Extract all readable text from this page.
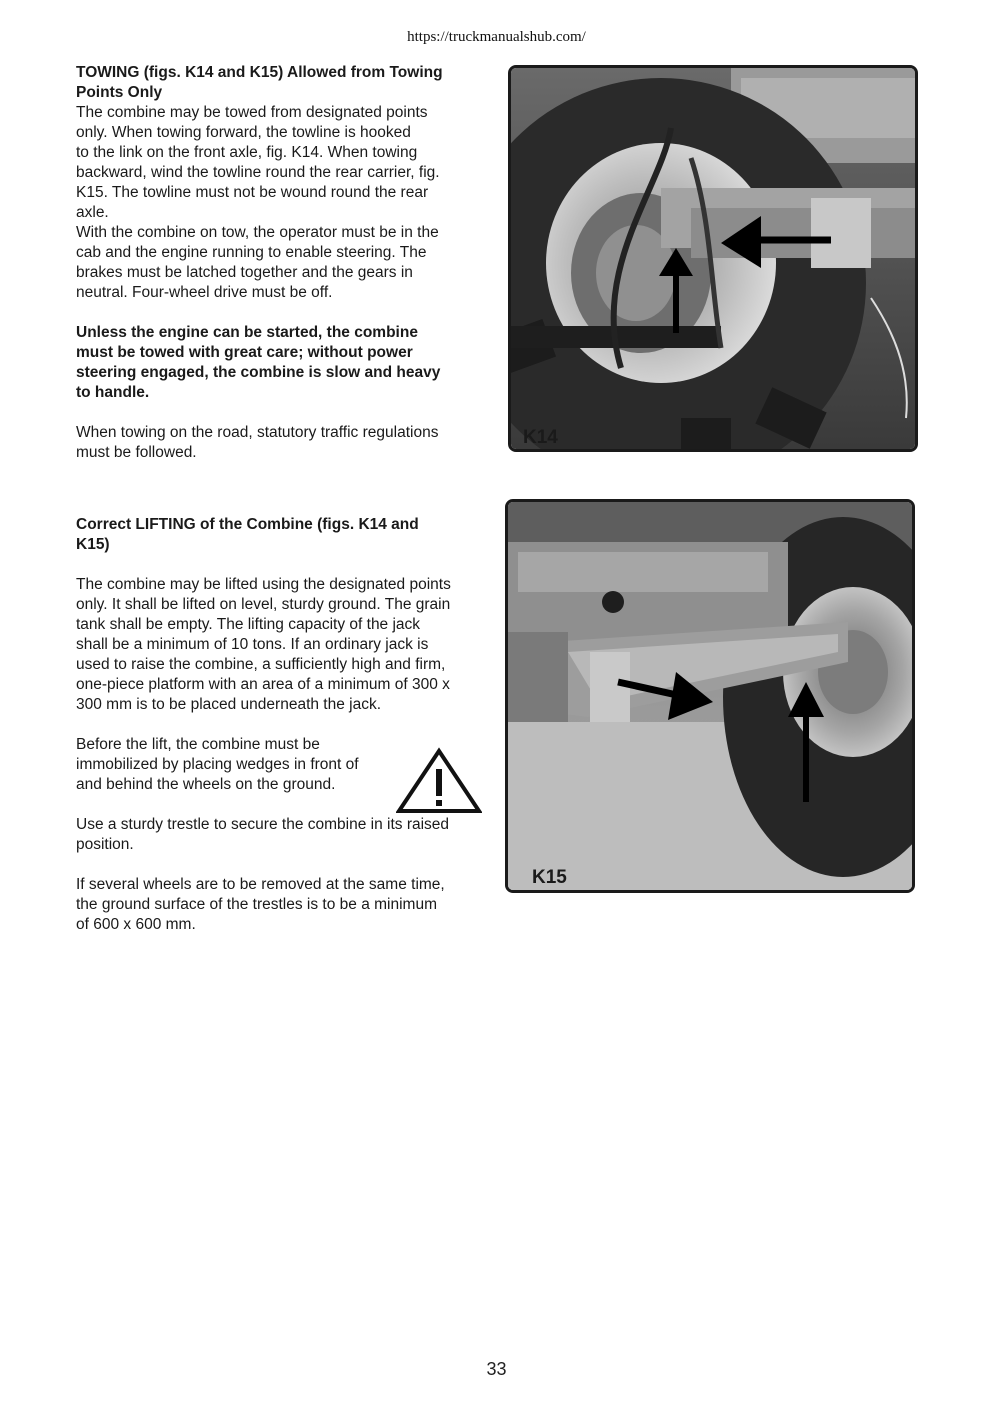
https://truckmanualshub.com/

TOWING (figs. K14 and K15) Allowed from Towing Points Only

The combine may be towed from designated points
only. When towing forward, the towline is hooked
to the link on the front axle, fig. K14. When towing
backward, wind the towline round the rear carrier, fig.
K15. The towline must not be wound round the rear
axle.

With the combine on tow, the operator must be in the
cab and the engine running to enable steering. The
brakes must be latched together and the gears in
neutral. Four-wheel drive must be off.

Unless the engine can be started, the combine
must be towed with great care; without power
steering engaged, the combine is slow and heavy
to handle.

When towing on the road, statutory traffic regulations
must be followed.

Correct LIFTING of the Combine (figs. K14 and
K15)

The combine may be lifted using the designated points
only. It shall be lifted on level, sturdy ground. The grain
tank shall be empty. The lifting capacity of the jack
shall be a minimum of 10 tons. If an ordinary jack is
used to raise the combine, a sufficiently high and firm,
one-piece platform with an area of a minimum of 300 x
300 mm is to be placed underneath the jack.

Before the lift, the combine must be
immobilized by placing wedges in front of
and behind the wheels on the ground.

Use a sturdy trestle to secure the combine in its raised
position.

If several wheels are to be removed at the same time,
the ground surface of the trestles is to be a minimum
of 600 x 600 mm.

K14
K15
33
